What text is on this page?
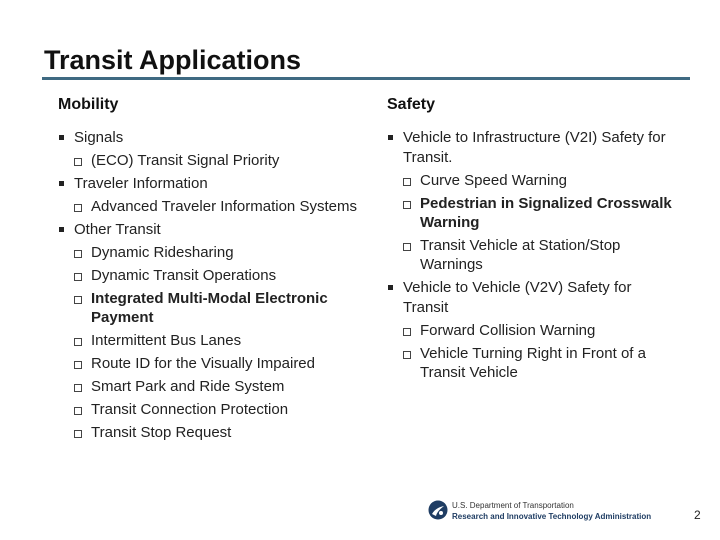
Transit Applications
Mobility
Signals
(ECO) Transit Signal Priority
Traveler Information
Advanced Traveler Information Systems
Other Transit
Dynamic Ridesharing
Dynamic Transit Operations
Integrated Multi-Modal Electronic Payment
Intermittent Bus Lanes
Route ID for the Visually Impaired
Smart Park and Ride System
Transit Connection Protection
Transit Stop Request
Safety
Vehicle to Infrastructure (V2I) Safety for Transit.
Curve Speed Warning
Pedestrian in Signalized Crosswalk Warning
Transit Vehicle at Station/Stop Warnings
Vehicle to Vehicle (V2V) Safety for Transit
Forward Collision Warning
Vehicle Turning Right in Front of a Transit Vehicle
U.S. Department of Transportation
Research and Innovative Technology Administration	2
